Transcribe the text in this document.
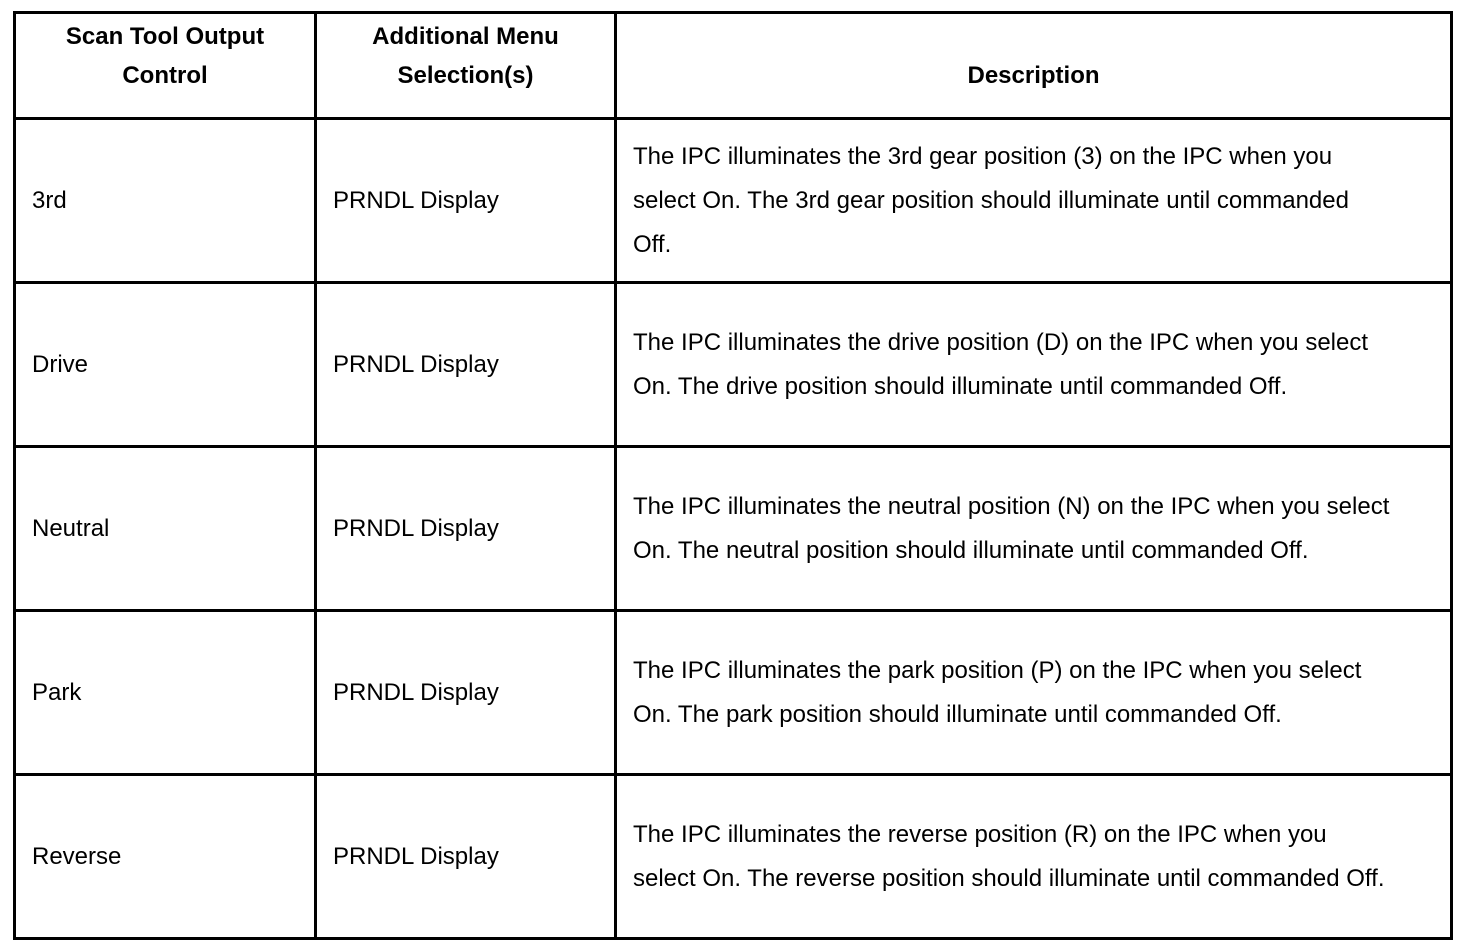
Scan Tool Output Control	Additional Menu Selection(s)	Description

3rd	PRNDL Display	The IPC illuminates the 3rd gear position (3) on the IPC when you select On. The 3rd gear position should illuminate until commanded Off.

Drive	PRNDL Display	The IPC illuminates the drive position (D) on the IPC when you select On. The drive position should illuminate until commanded Off.

Neutral	PRNDL Display	The IPC illuminates the neutral position (N) on the IPC when you select On. The neutral position should illuminate until commanded Off.

Park	PRNDL Display	The IPC illuminates the park position (P) on the IPC when you select On. The park position should illuminate until commanded Off.

Reverse	PRNDL Display	The IPC illuminates the reverse position (R) on the IPC when you select On. The reverse position should illuminate until commanded Off.
